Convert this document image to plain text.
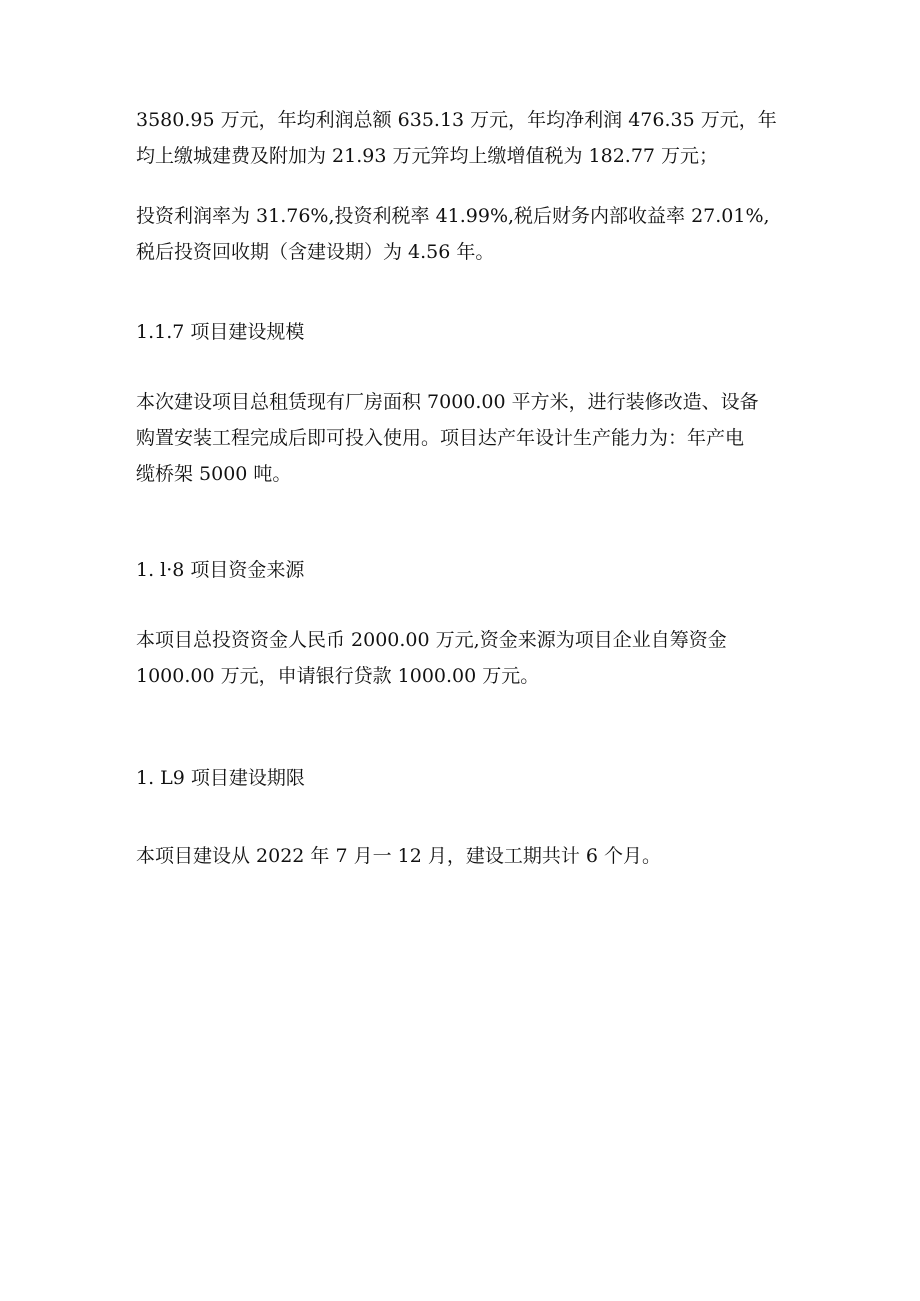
3580.95 万元，年均利润总额 635.13 万元，年均净利润 476.35 万元，年
均上缴城建费及附加为 21.93 万元笄均上缴增值税为 182.77 万元；
投资利润率为 31.76%,投资利税率 41.99%,税后财务内部收益率 27.01%,
税后投资回收期（含建设期）为 4.56 年。
1.1.7 项目建设规模
本次建设项目总租赁现有厂房面积 7000.00 平方米，进行装修改造、设备
购置安装工程完成后即可投入使用。项目达产年设计生产能力为：年产电
缆桥架 5000 吨。
1. l·8 项目资金来源
本项目总投资资金人民币 2000.00 万元,资金来源为项目企业自筹资金
1000.00 万元，申请银行贷款 1000.00 万元。
1. L9 项目建设期限
本项目建设从 2022 年 7 月一 12 月，建设工期共计 6 个月。
